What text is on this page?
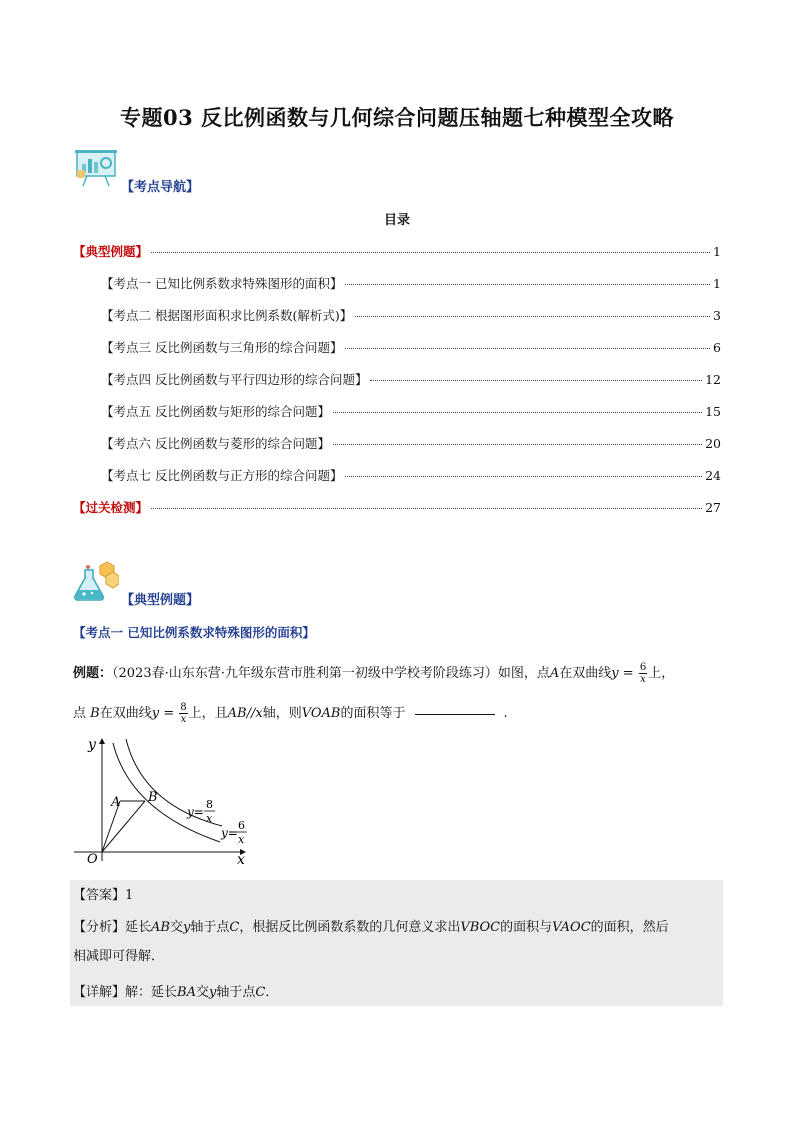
专题03 反比例函数与几何综合问题压轴题七种模型全攻略
【考点导航】
目录
【典型例题】	1
【考点一 已知比例系数求特殊图形的面积】	1
【考点二 根据图形面积求比例系数(解析式)】	3
【考点三 反比例函数与三角形的综合问题】	6
【考点四 反比例函数与平行四边形的综合问题】	12
【考点五 反比例函数与矩形的综合问题】	15
【考点六 反比例函数与菱形的综合问题】	20
【考点七 反比例函数与正方形的综合问题】	24
【过关检测】	27
【典型例题】
【考点一 已知比例系数求特殊图形的面积】
例题：（2023春·山东东营·九年级东营市胜利第一初级中学校考阶段练习）如图，点A在双曲线$y = \frac{6}{x}$ 上，
点 B在双曲线$y = \frac{8}{x}$ 上，且AB//x轴，则VOAB的面积等于	.
y
x
O
A B
y=
8
x
y=
6
x
【答案】1
【分析】延长AB交y轴于点C，根据反比例函数系数的几何意义求出VBOC的面积与VAOC的面积，然后
相减即可得解．
【详解】解：延长BA交y轴于点C．
